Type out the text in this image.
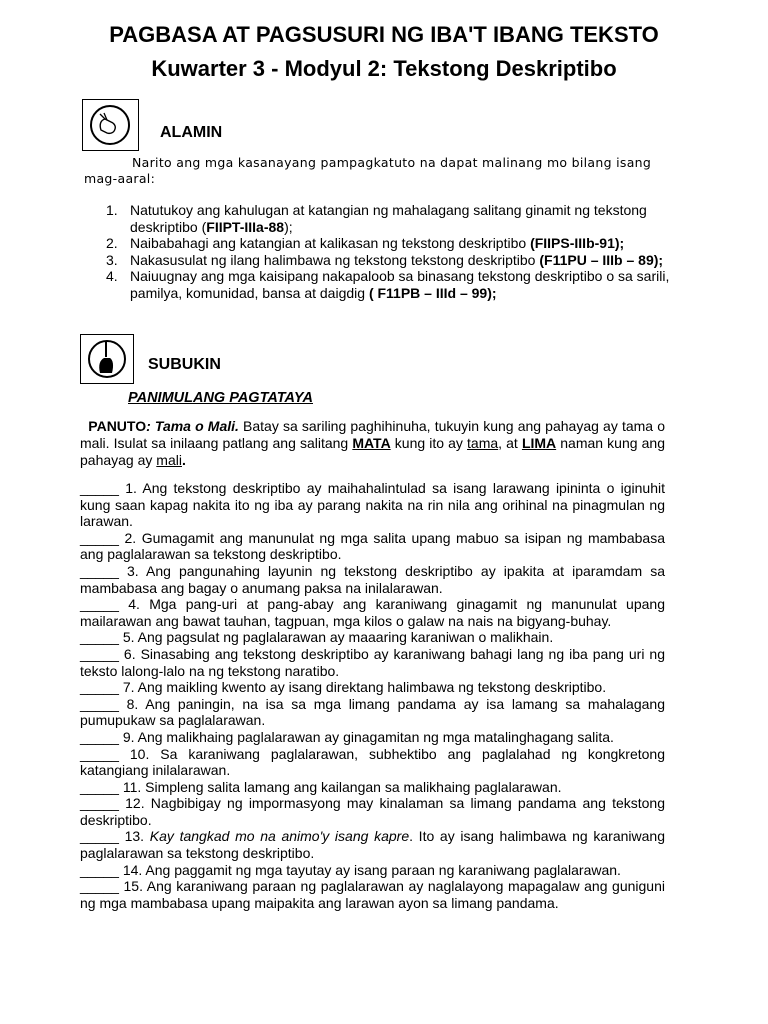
PAGBASA AT PAGSUSURI NG IBA'T IBANG TEKSTO
Kuwarter 3 - Modyul 2: Tekstong Deskriptibo
ALAMIN
Narito ang mga kasanayang pampagkatuto na dapat malinang mo bilang isang mag-aaral:
1. Natutukoy ang kahulugan at katangian ng mahalagang salitang ginamit ng tekstong deskriptibo (FIIPT-IIIa-88);
2. Naibabahagi ang katangian at kalikasan ng tekstong deskriptibo (FIIPS-IIIb-91);
3. Nakasusulat ng ilang halimbawa ng tekstong tekstong deskriptibo (F11PU – IIIb – 89);
4. Naiuugnay ang mga kaisipang nakapaloob sa binasang tekstong deskriptibo o sa sarili, pamilya, komunidad, bansa at daigdig ( F11PB – IIId – 99);
SUBUKIN
PANIMULANG PAGTATAYA
PANUTO: Tama o Mali. Batay sa sariling paghihinuha, tukuyin kung ang pahayag ay tama o mali. Isulat sa inilaang patlang ang salitang MATA kung ito ay tama, at LIMA naman kung ang pahayag ay mali.
_____ 1. Ang tekstong deskriptibo ay maihahalintulad sa isang larawang ipininta o iginuhit kung saan kapag nakita ito ng iba ay parang nakita na rin nila ang orihinal na pinagmulan ng larawan.
_____ 2. Gumagamit ang manunulat ng mga salita upang mabuo sa isipan ng mambabasa ang paglalarawan sa tekstong deskriptibo.
_____ 3. Ang pangunahing layunin ng tekstong deskriptibo ay ipakita at iparamdam sa mambabasa ang bagay o anumang paksa na inilalarawan.
_____ 4. Mga pang-uri at pang-abay ang karaniwang ginagamit ng manunulat upang mailarawan ang bawat tauhan, tagpuan, mga kilos o galaw na nais na bigyang-buhay.
_____ 5. Ang pagsulat ng paglalarawan ay maaaring karaniwan o malikhain.
_____ 6. Sinasabing ang tekstong deskriptibo ay karaniwang bahagi lang ng iba pang uri ng teksto lalong-lalo na ng tekstong naratibo.
_____ 7. Ang maikling kwento ay isang direktang halimbawa ng tekstong deskriptibo.
_____ 8. Ang paningin, na isa sa mga limang pandama ay isa lamang sa mahalagang pumupukaw sa paglalarawan.
_____ 9. Ang malikhaing paglalarawan ay ginagamitan ng mga matalinghagang salita.
_____ 10. Sa karaniwang paglalarawan, subhektibo ang paglalahad ng kongkretong katangiang inilalarawan.
_____ 11. Simpleng salita lamang ang kailangan sa malikhaing paglalarawan.
_____ 12. Nagbibigay ng impormasyong may kinalaman sa limang pandama ang tekstong deskriptibo.
_____ 13. Kay tangkad mo na animo'y isang kapre. Ito ay isang halimbawa ng karaniwang paglalarawan sa tekstong deskriptibo.
_____ 14. Ang paggamit ng mga tayutay ay isang paraan ng karaniwang paglalarawan.
_____ 15. Ang karaniwang paraan ng paglalarawan ay naglalayong mapagalaw ang guniguni ng mga mambabasa upang maipakita ang larawan ayon sa limang pandama.
